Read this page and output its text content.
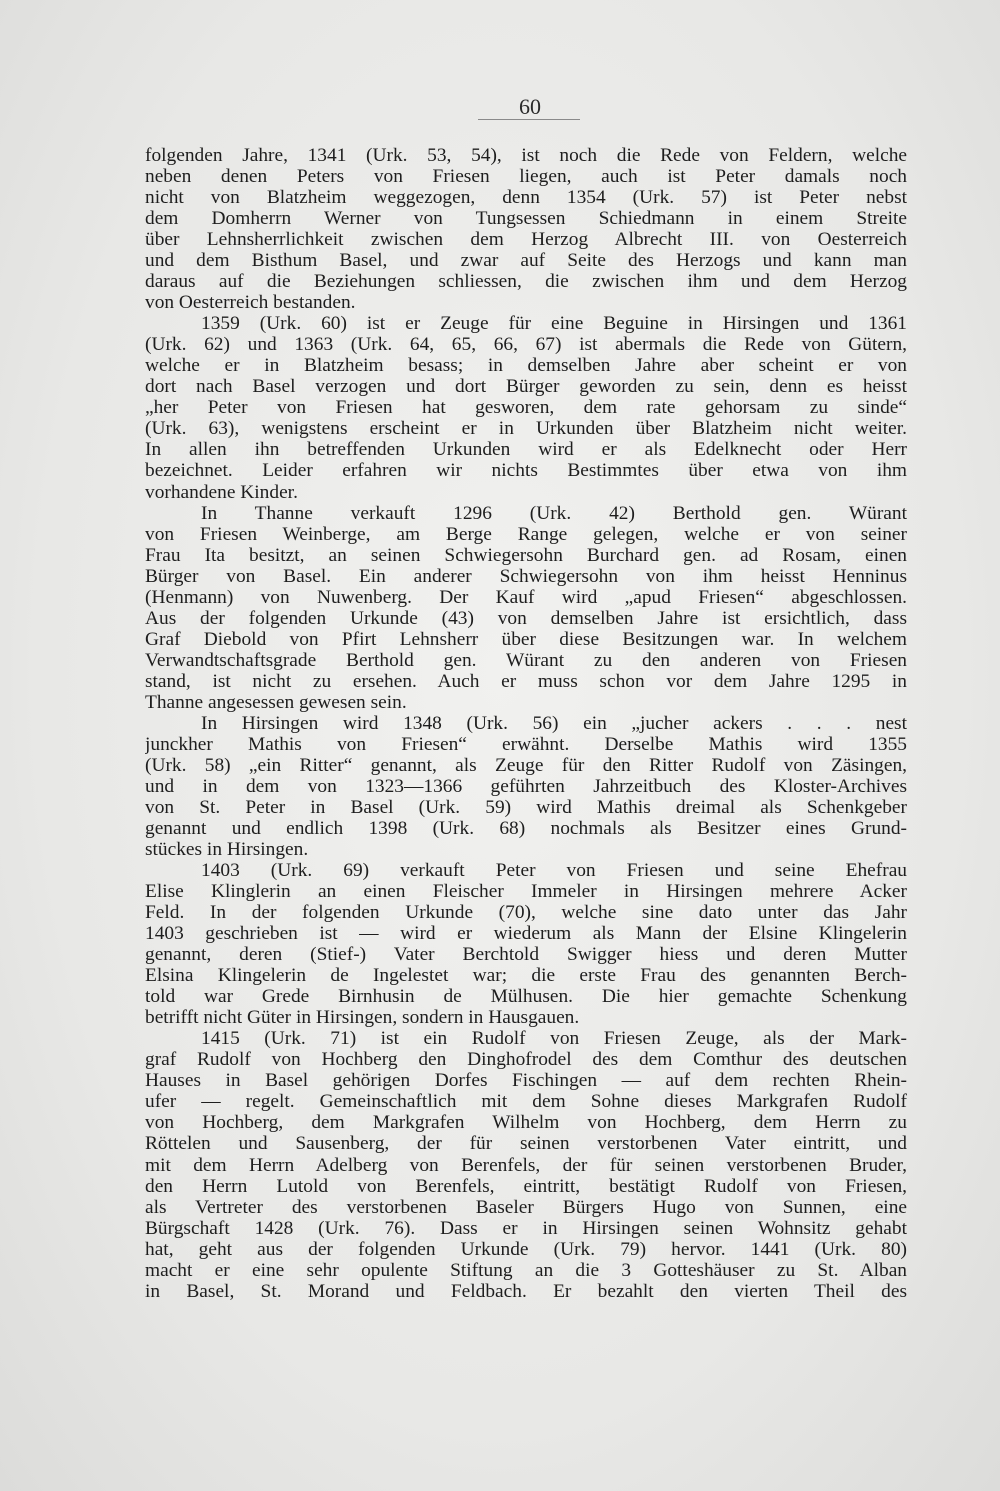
60
folgenden Jahre, 1341 (Urk. 53, 54), ist noch die Rede von Feldern, welche
neben denen Peters von Friesen liegen, auch ist Peter damals noch
nicht von Blatzheim weggezogen, denn 1354 (Urk. 57) ist Peter nebst
dem Domherrn Werner von Tungsessen Schiedmann in einem Streite
über Lehnsherrlichkeit zwischen dem Herzog Albrecht III. von Oesterreich
und dem Bisthum Basel, und zwar auf Seite des Herzogs und kann man
daraus auf die Beziehungen schliessen, die zwischen ihm und dem Herzog
von Oesterreich bestanden.
1359 (Urk. 60) ist er Zeuge für eine Beguine in Hirsingen und 1361
(Urk. 62) und 1363 (Urk. 64, 65, 66, 67) ist abermals die Rede von Gütern,
welche er in Blatzheim besass; in demselben Jahre aber scheint er von
dort nach Basel verzogen und dort Bürger geworden zu sein, denn es heisst
„her Peter von Friesen hat gesworen, dem rate gehorsam zu sinde“
(Urk. 63), wenigstens erscheint er in Urkunden über Blatzheim nicht weiter.
In allen ihn betreffenden Urkunden wird er als Edelknecht oder Herr
bezeichnet. Leider erfahren wir nichts Bestimmtes über etwa von ihm
vorhandene Kinder.
In Thanne verkauft 1296 (Urk. 42) Berthold gen. Würant
von Friesen Weinberge, am Berge Range gelegen, welche er von seiner
Frau Ita besitzt, an seinen Schwiegersohn Burchard gen. ad Rosam, einen
Bürger von Basel. Ein anderer Schwiegersohn von ihm heisst Henninus
(Henmann) von Nuwenberg. Der Kauf wird „apud Friesen“ abgeschlossen.
Aus der folgenden Urkunde (43) von demselben Jahre ist ersichtlich, dass
Graf Diebold von Pfirt Lehnsherr über diese Besitzungen war. In welchem
Verwandtschaftsgrade Berthold gen. Würant zu den anderen von Friesen
stand, ist nicht zu ersehen. Auch er muss schon vor dem Jahre 1295 in
Thanne angesessen gewesen sein.
In Hirsingen wird 1348 (Urk. 56) ein „jucher ackers . . . nest
junckher Mathis von Friesen“ erwähnt. Derselbe Mathis wird 1355
(Urk. 58) „ein Ritter“ genannt, als Zeuge für den Ritter Rudolf von Zäsingen,
und in dem von 1323—1366 geführten Jahrzeitbuch des Kloster-Archives
von St. Peter in Basel (Urk. 59) wird Mathis dreimal als Schenkgeber
genannt und endlich 1398 (Urk. 68) nochmals als Besitzer eines Grund-
stückes in Hirsingen.
1403 (Urk. 69) verkauft Peter von Friesen und seine Ehefrau
Elise Klinglerin an einen Fleischer Immeler in Hirsingen mehrere Acker
Feld. In der folgenden Urkunde (70), welche sine dato unter das Jahr
1403 geschrieben ist — wird er wiederum als Mann der Elsine Klingelerin
genannt, deren (Stief-) Vater Berchtold Swigger hiess und deren Mutter
Elsina Klingelerin de Ingelestet war; die erste Frau des genannten Berch-
told war Grede Birnhusin de Mülhusen. Die hier gemachte Schenkung
betrifft nicht Güter in Hirsingen, sondern in Hausgauen.
1415 (Urk. 71) ist ein Rudolf von Friesen Zeuge, als der Mark-
graf Rudolf von Hochberg den Dinghofrodel des dem Comthur des deutschen
Hauses in Basel gehörigen Dorfes Fischingen — auf dem rechten Rhein-
ufer — regelt. Gemeinschaftlich mit dem Sohne dieses Markgrafen Rudolf
von Hochberg, dem Markgrafen Wilhelm von Hochberg, dem Herrn zu
Röttelen und Sausenberg, der für seinen verstorbenen Vater eintritt, und
mit dem Herrn Adelberg von Berenfels, der für seinen verstorbenen Bruder,
den Herrn Lutold von Berenfels, eintritt, bestätigt Rudolf von Friesen,
als Vertreter des verstorbenen Baseler Bürgers Hugo von Sunnen, eine
Bürgschaft 1428 (Urk. 76). Dass er in Hirsingen seinen Wohnsitz gehabt
hat, geht aus der folgenden Urkunde (Urk. 79) hervor. 1441 (Urk. 80)
macht er eine sehr opulente Stiftung an die 3 Gotteshäuser zu St. Alban
in Basel, St. Morand und Feldbach. Er bezahlt den vierten Theil des
